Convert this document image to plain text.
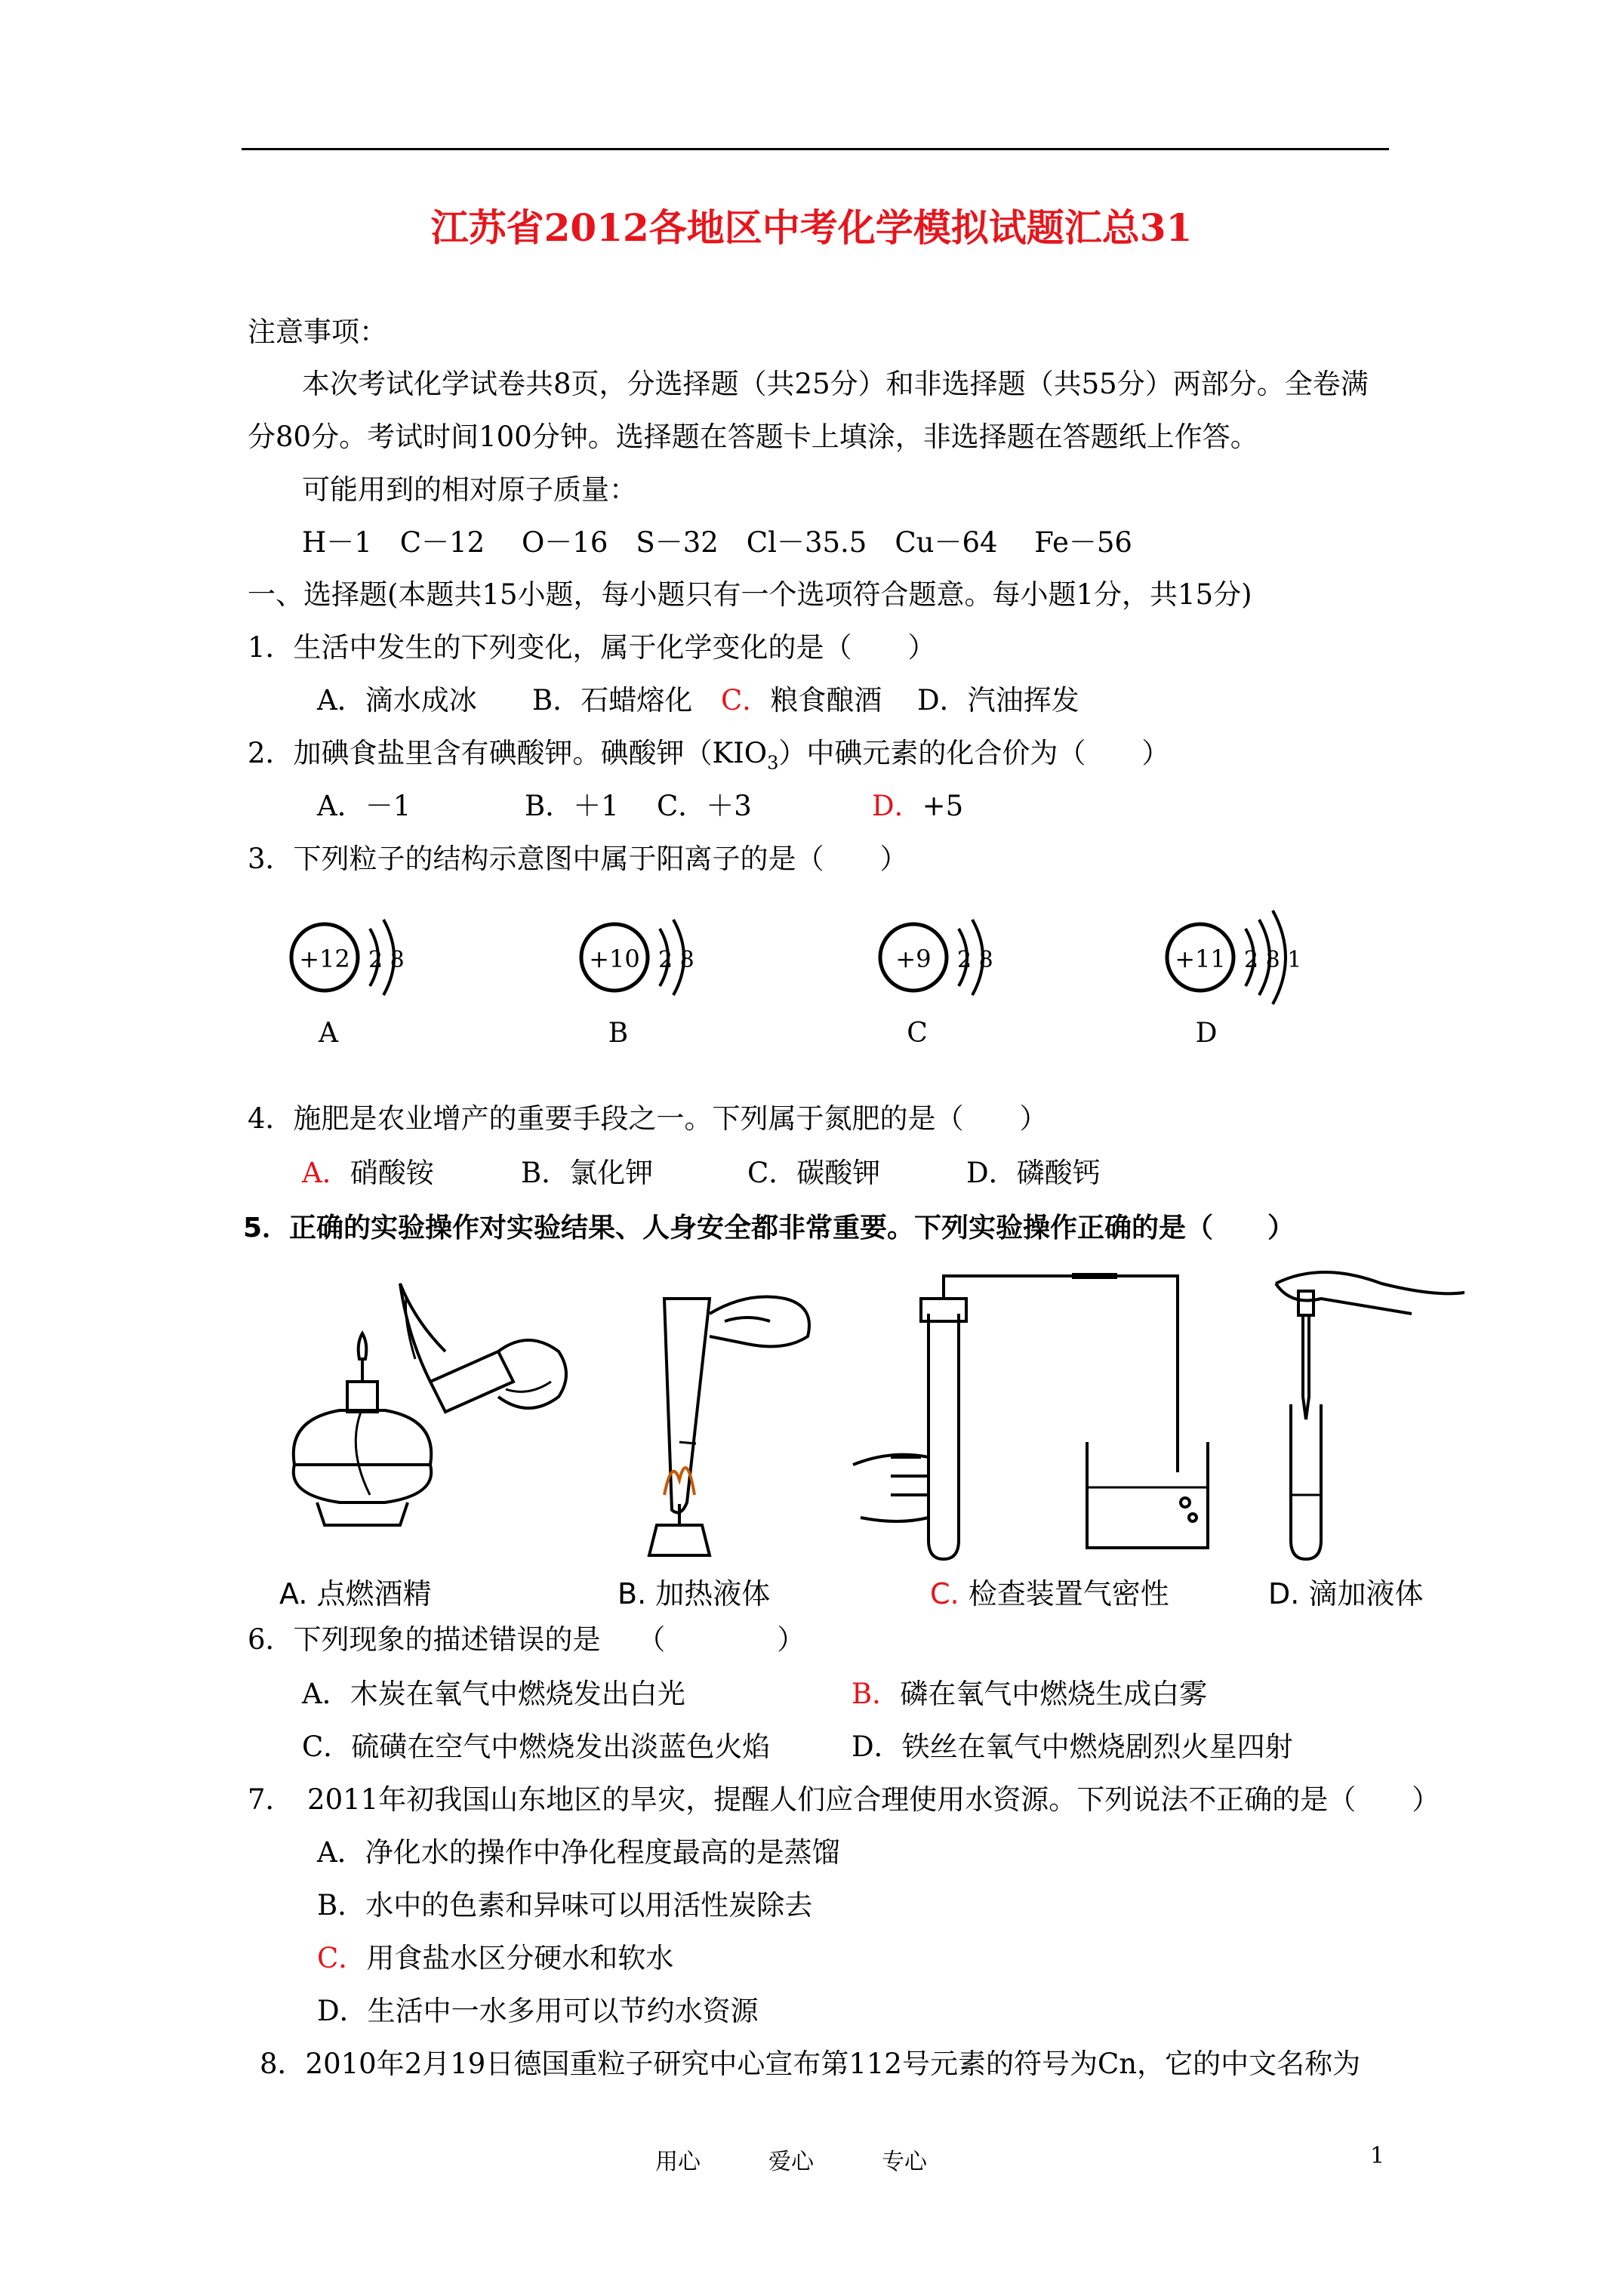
江苏省2012各地区中考化学模拟试题汇总31
注意事项：
本次考试化学试卷共8页，分选择题（共25分）和非选择题（共55分）两部分。全卷满
分80分。考试时间100分钟。选择题在答题卡上填涂，非选择题在答题纸上作答。
可能用到的相对原子质量：
H－1　C－12　 O－16　S－32　Cl－35.5　Cu－64　 Fe－56
一、选择题(本题共15小题，每小题只有一个选项符合题意。每小题1分，共15分)
1．生活中发生的下列变化，属于化学变化的是（　　）
A．滴水成冰 B．石蜡熔化 C．粮食酿酒 D．汽油挥发
2．加碘食盐里含有碘酸钾。碘酸钾$(KIO_3)$中碘元素的化合价为（　　）
A．－1	B．＋1 C．＋3	D．+5
3．下列粒子的结构示意图中属于阳离子的是（　　）
+12 2 8
A
+10 2 8
B
+9 2 8
C
+11 2 8 1
D
4．施肥是农业增产的重要手段之一。下列属于氮肥的是（　　）
A．硝酸铵	B．氯化钾	C．碳酸钾	D．磷酸钙
5．正确的实验操作对实验结果、人身安全都非常重要。下列实验操作正确的是（　　）
A. 点燃酒精	B. 加热液体	C. 检查装置气密性	D. 滴加液体
6．下列现象的描述错误的是　 （　　　　）
A．木炭在氧气中燃烧发出白光	B．磷在氧气中燃烧生成白雾
C．硫磺在空气中燃烧发出淡蓝色火焰	D．铁丝在氧气中燃烧剧烈火星四射
7．　2011年初我国山东地区的旱灾，提醒人们应合理使用水资源。下列说法不正确的是（　　）
A．净化水的操作中净化程度最高的是蒸馏
B．水中的色素和异味可以用活性炭除去
C．用食盐水区分硬水和软水
D．生活中一水多用可以节约水资源
8．2010年2月19日德国重粒子研究中心宣布第112号元素的符号为Cn，它的中文名称为
用心　　　爱心　　　专心	1
